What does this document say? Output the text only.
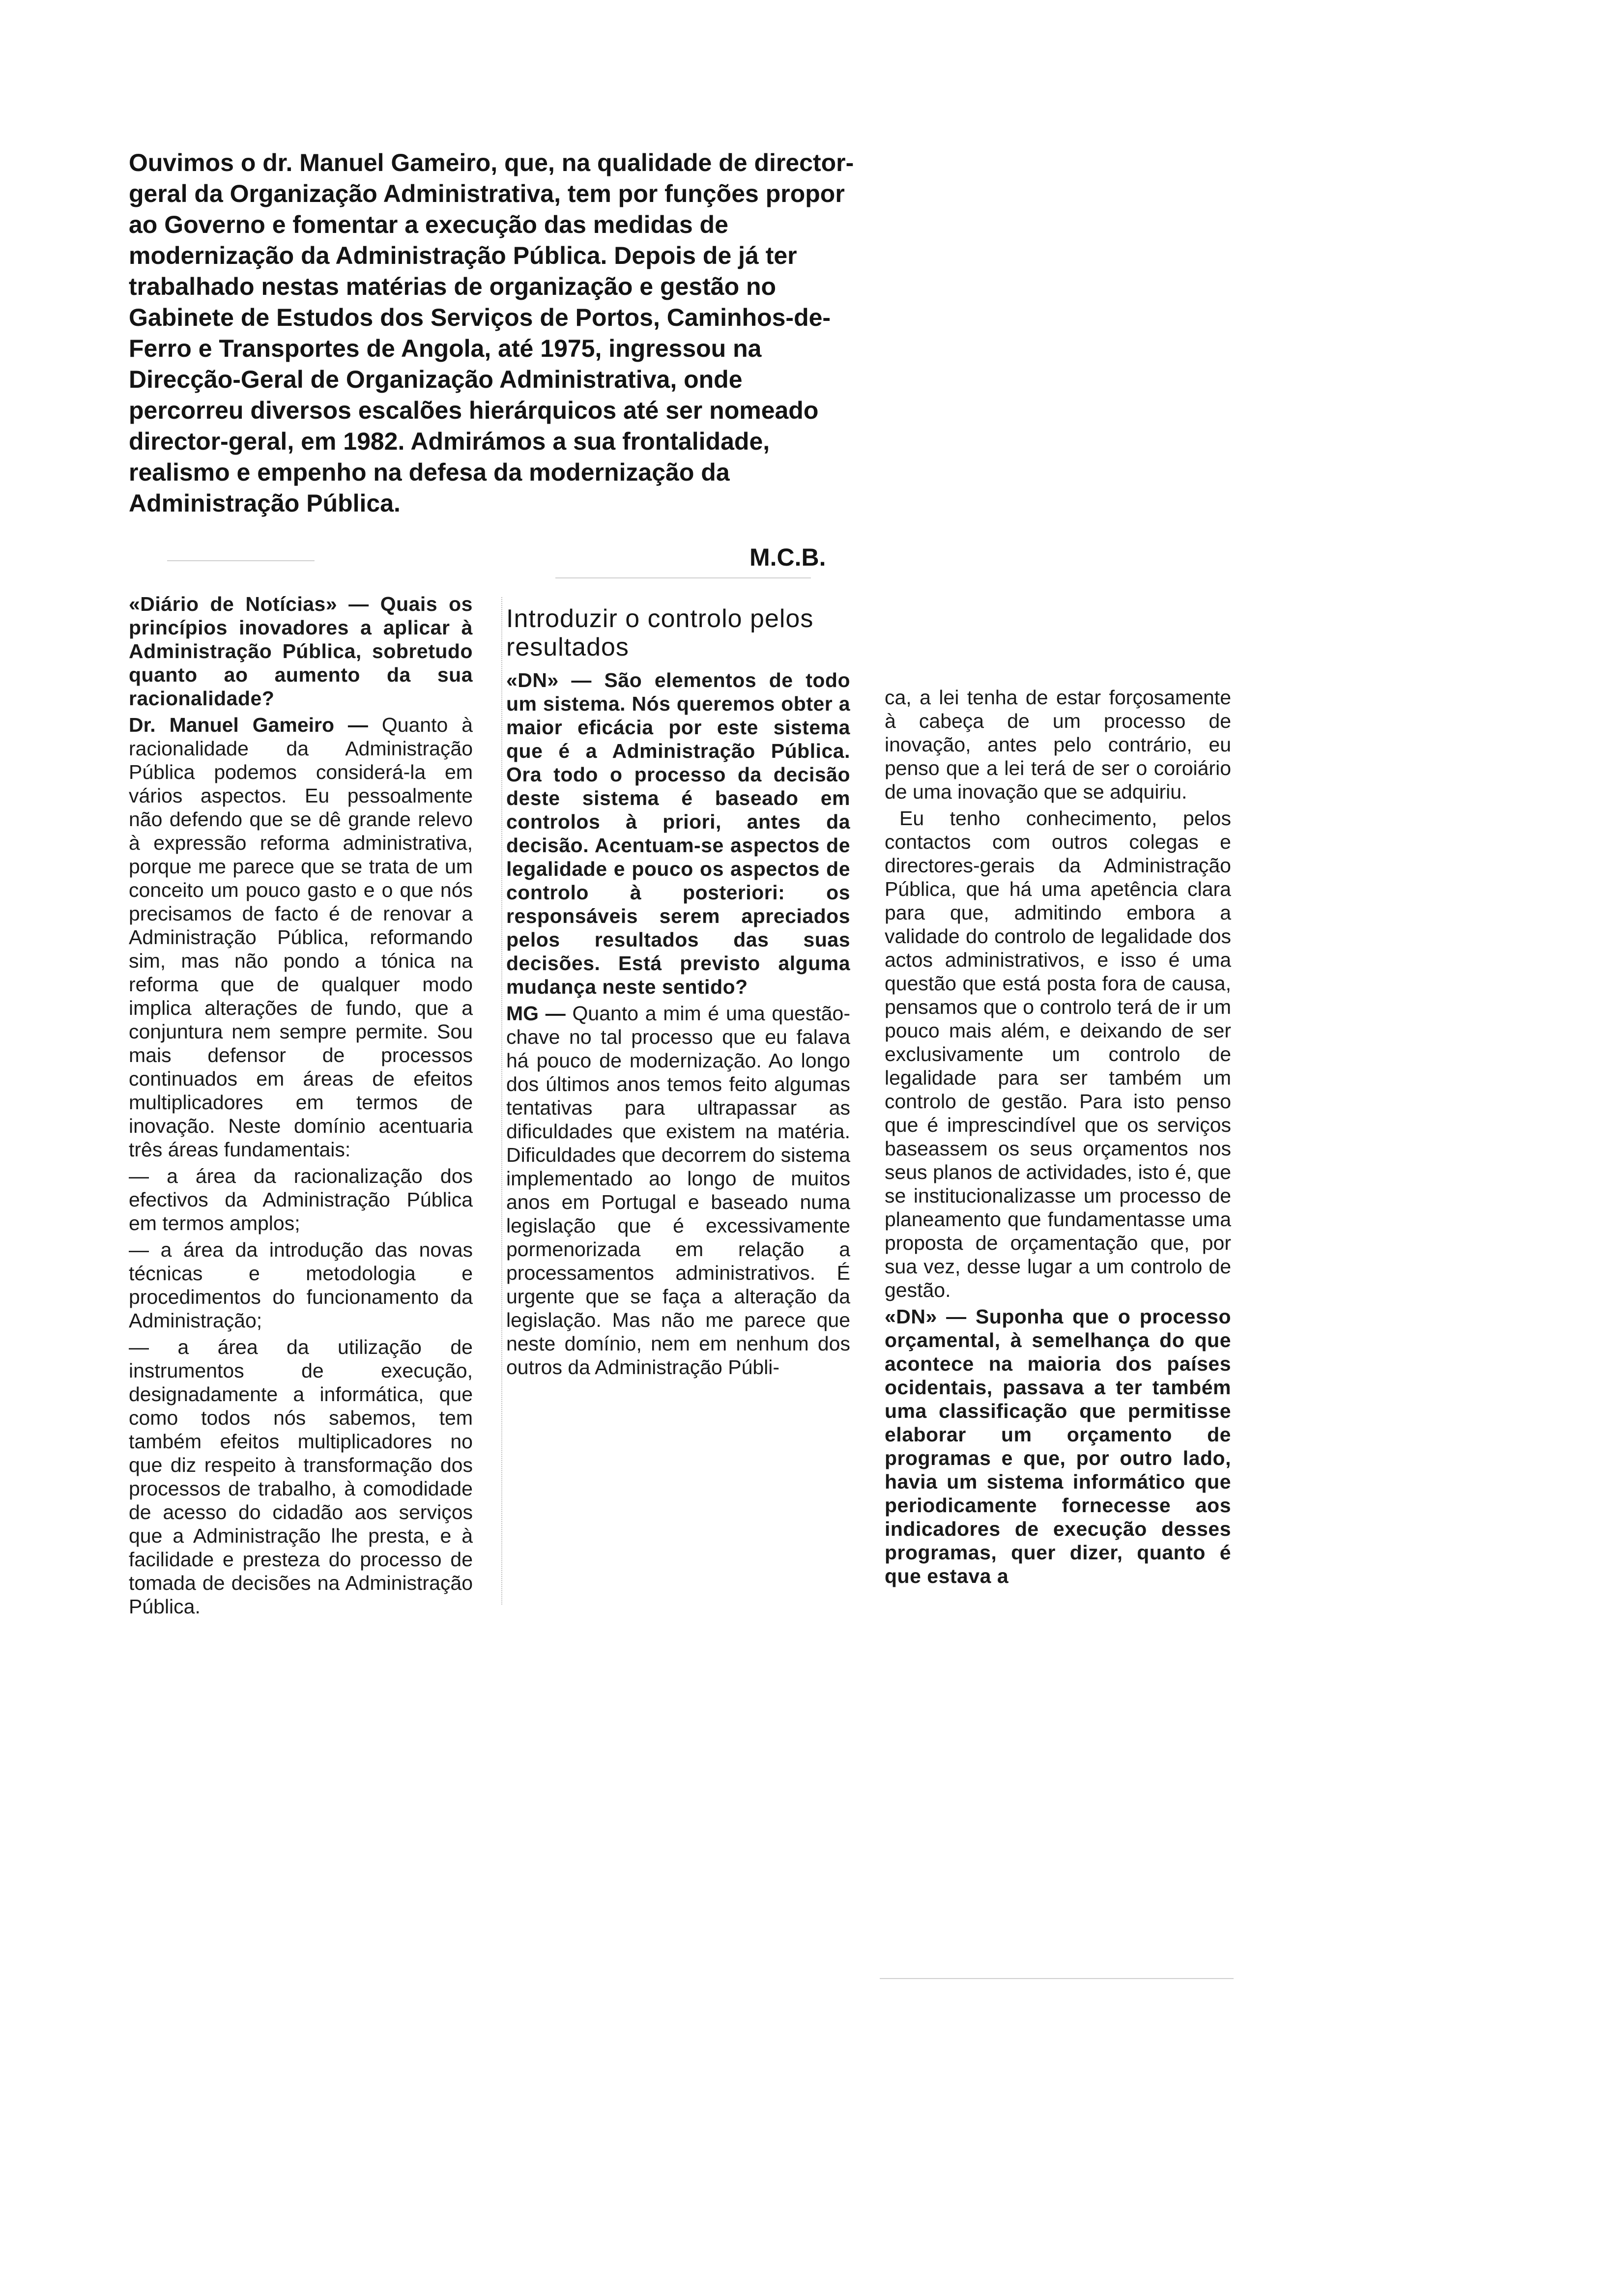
Ouvimos o dr. Manuel Gameiro, que, na qualidade de director-geral da Organização Administrativa, tem por funções propor ao Governo e fomentar a execução das medidas de modernização da Administração Pública. Depois de já ter trabalhado nestas matérias de organização e gestão no Gabinete de Estudos dos Serviços de Portos, Caminhos-de-Ferro e Transportes de Angola, até 1975, ingressou na Direcção-Geral de Organização Administrativa, onde percorreu diversos escalões hierárquicos até ser nomeado director-geral, em 1982. Admirámos a sua frontalidade, realismo e empenho na defesa da modernização da Administração Pública.

M.C.B.

«Diário de Notícias» — Quais os princípios inovadores a aplicar à Administração Pública, sobretudo quanto ao aumento da sua racionalidade?

Dr. Manuel Gameiro — Quanto à racionalidade da Administração Pública podemos considerá-la em vários aspectos. Eu pessoalmente não defendo que se dê grande relevo à expressão reforma administrativa, porque me parece que se trata de um conceito um pouco gasto e o que nós precisamos de facto é de renovar a Administração Pública, reformando sim, mas não pondo a tónica na reforma que de qualquer modo implica alterações de fundo, que a conjuntura nem sempre permite. Sou mais defensor de processos continuados em áreas de efeitos multiplicadores em termos de inovação. Neste domínio acentuaria três áreas fundamentais:

— a área da racionalização dos efectivos da Administração Pública em termos amplos;

— a área da introdução das novas técnicas e metodologia e procedimentos do funcionamento da Administração;

— a área da utilização de instrumentos de execução, designadamente a informática, que como todos nós sabemos, tem também efeitos multiplicadores no que diz respeito à transformação dos processos de trabalho, à comodidade de acesso do cidadão aos serviços que a Administração lhe presta, e à facilidade e presteza do processo de tomada de decisões na Administração Pública.

Introduzir o controlo pelos resultados

«DN» — São elementos de todo um sistema. Nós queremos obter a maior eficácia por este sistema que é a Administração Pública. Ora todo o processo da decisão deste sistema é baseado em controlos à priori, antes da decisão. Acentuam-se aspectos de legalidade e pouco os aspectos de controlo à posteriori: os responsáveis serem apreciados pelos resultados das suas decisões. Está previsto alguma mudança neste sentido?

MG — Quanto a mim é uma questão-chave no tal processo que eu falava há pouco de modernização. Ao longo dos últimos anos temos feito algumas tentativas para ultrapassar as dificuldades que existem na matéria. Dificuldades que decorrem do sistema implementado ao longo de muitos anos em Portugal e baseado numa legislação que é excessivamente pormenorizada em relação a processamentos administrativos. É urgente que se faça a alteração da legislação. Mas não me parece que neste domínio, nem em nenhum dos outros da Administração Públi-

ca, a lei tenha de estar forçosamente à cabeça de um processo de inovação, antes pelo contrário, eu penso que a lei terá de ser o coroiário de uma inovação que se adquiriu.

Eu tenho conhecimento, pelos contactos com outros colegas e directores-gerais da Administração Pública, que há uma apetência clara para que, admitindo embora a validade do controlo de legalidade dos actos administrativos, e isso é uma questão que está posta fora de causa, pensamos que o controlo terá de ir um pouco mais além, e deixando de ser exclusivamente um controlo de legalidade para ser também um controlo de gestão. Para isto penso que é imprescindível que os serviços baseassem os seus orçamentos nos seus planos de actividades, isto é, que se institucionalizasse um processo de planeamento que fundamentasse uma proposta de orçamentação que, por sua vez, desse lugar a um controlo de gestão.

«DN» — Suponha que o processo orçamental, à semelhança do que acontece na maioria dos países ocidentais, passava a ter também uma classificação que permitisse elaborar um orçamento de programas e que, por outro lado, havia um sistema informático que periodicamente fornecesse aos indicadores de execução desses programas, quer dizer, quanto é que estava a
